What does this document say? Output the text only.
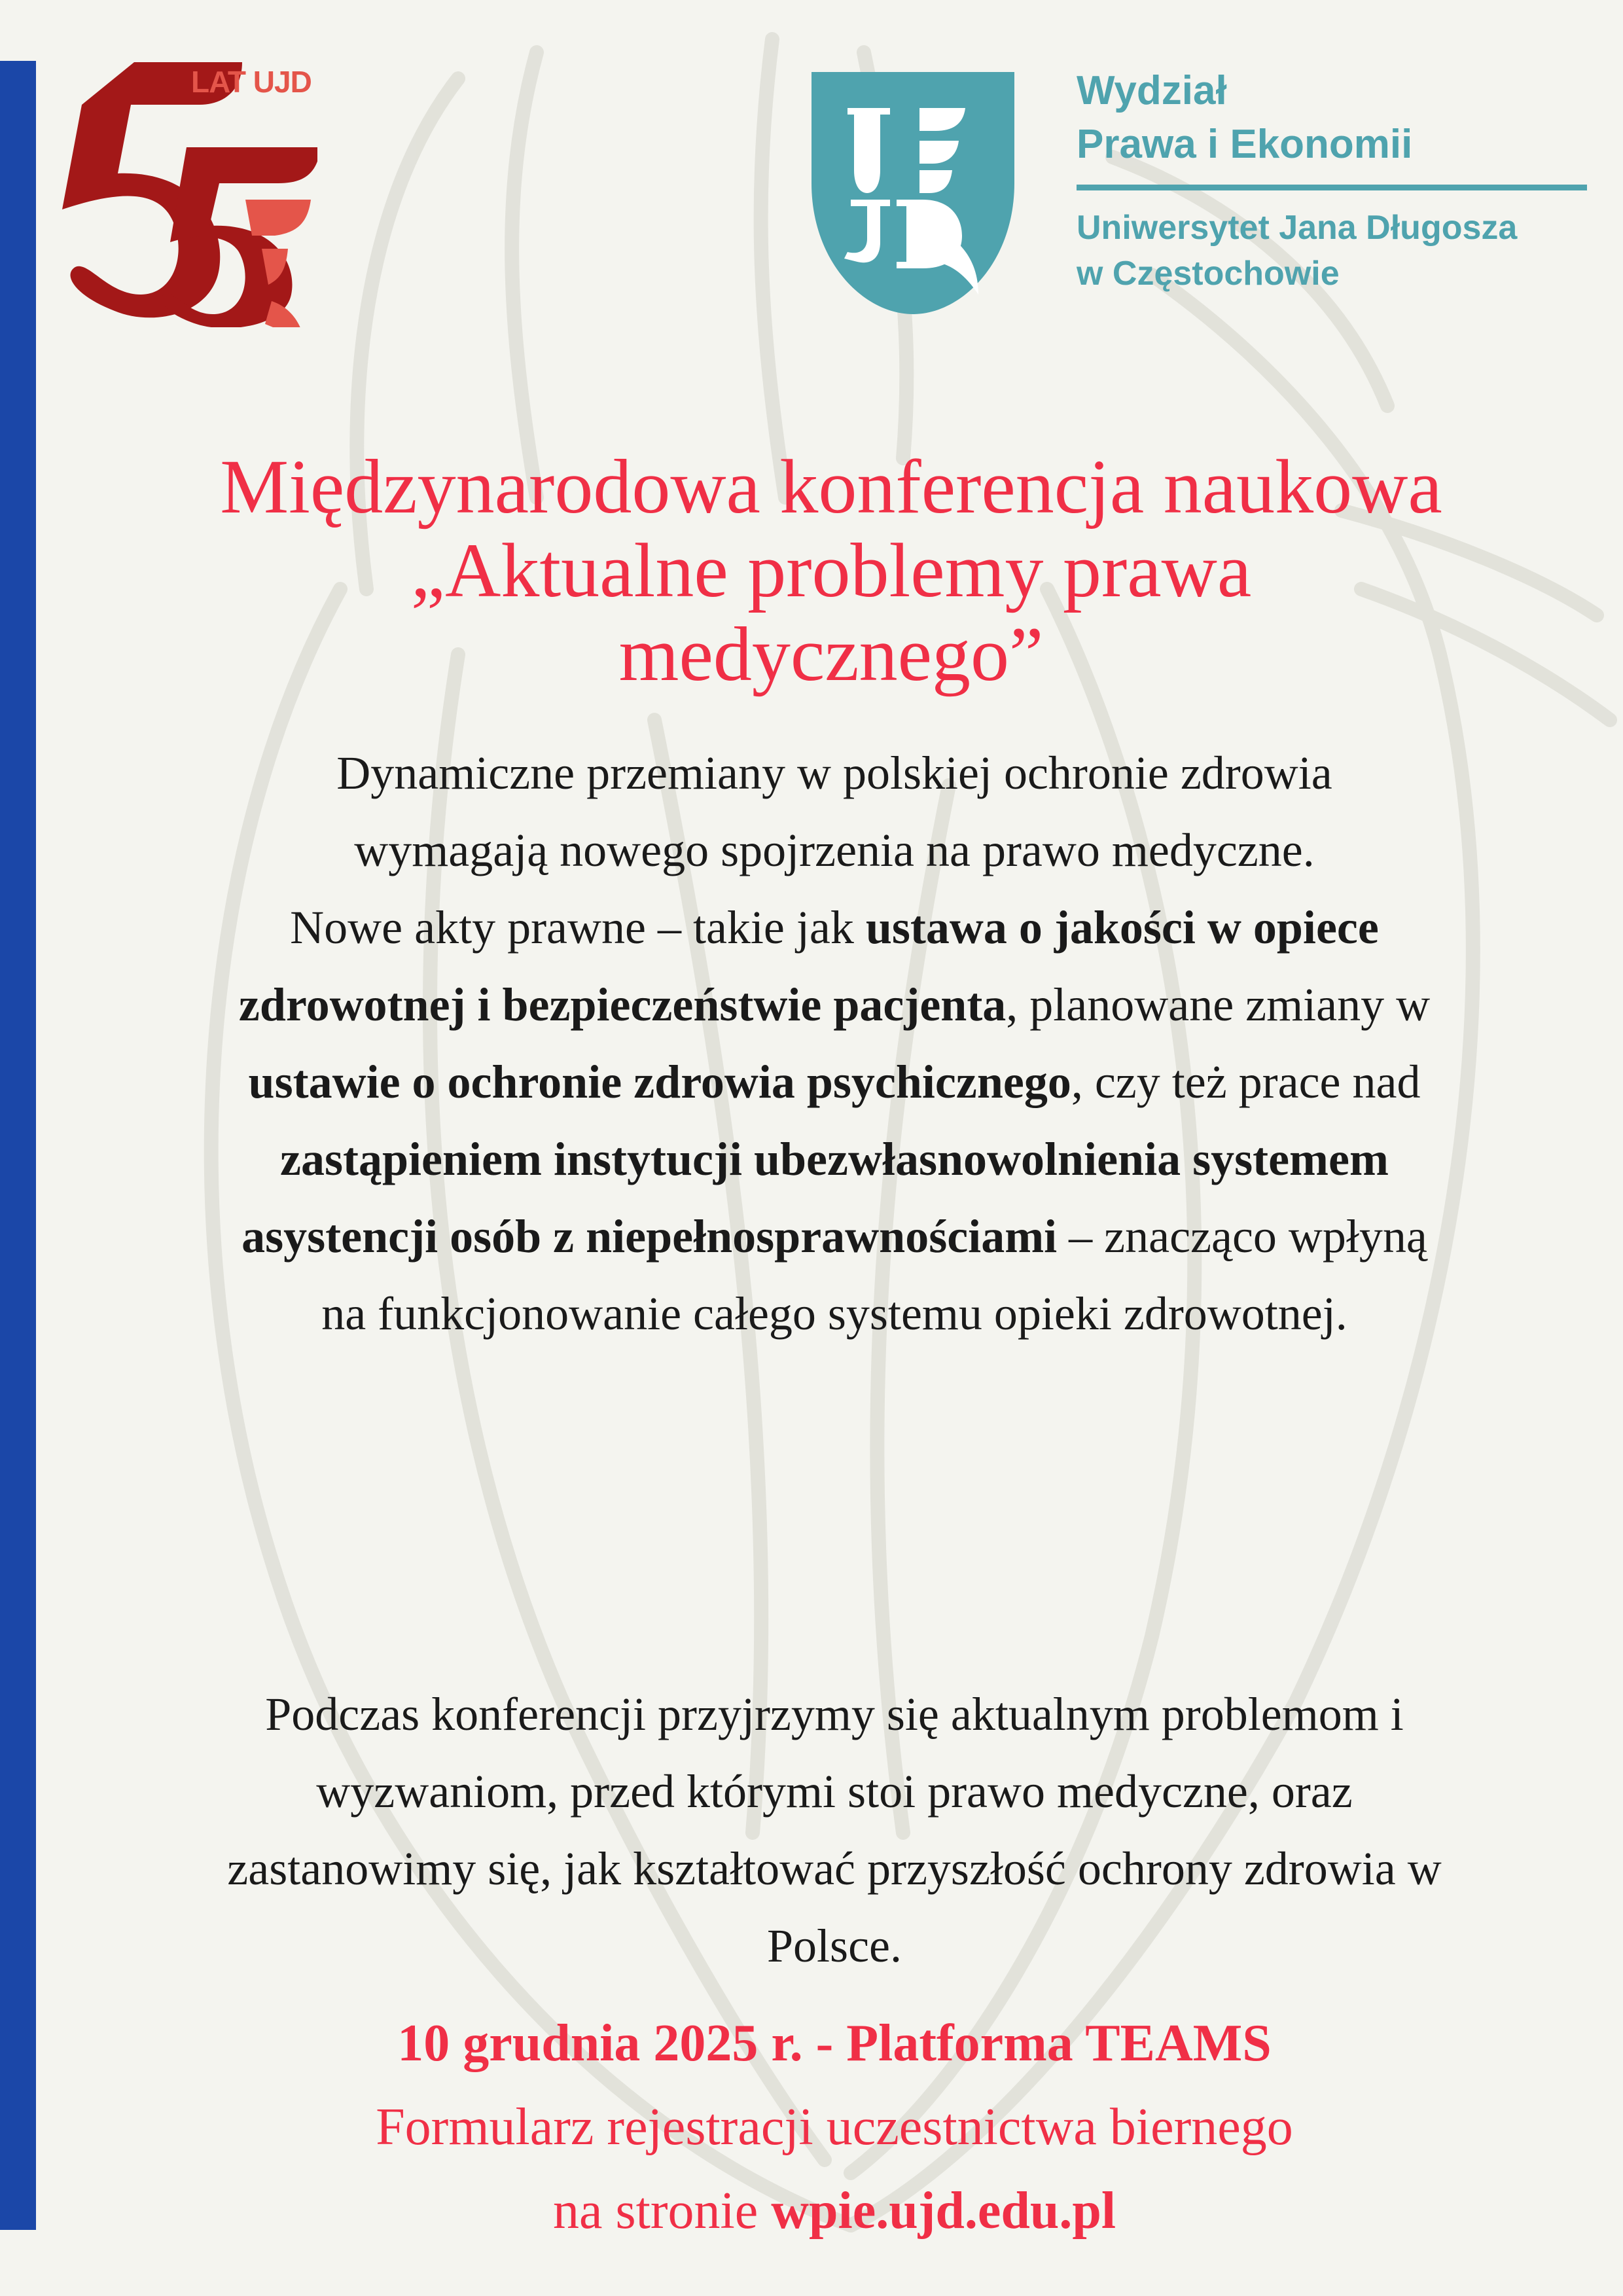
LAT UJD	Wydział
Prawa i Ekonomii
Uniwersytet Jana Długosza
w Częstochowie
Międzynarodowa konferencja naukowa
„Aktualne problemy prawa
medycznego”
Dynamiczne przemiany w polskiej ochronie zdrowia wymagają nowego spojrzenia na prawo medyczne.
Nowe akty prawne – takie jak ustawa o jakości w opiece zdrowotnej i bezpieczeństwie pacjenta, planowane zmiany w ustawie o ochronie zdrowia psychicznego, czy też prace nad zastąpieniem instytucji ubezwłasnowolnienia systemem asystencji osób z niepełnosprawnościami – znacząco wpłyną na funkcjonowanie całego systemu opieki zdrowotnej.
Podczas konferencji przyjrzymy się aktualnym problemom i wyzwaniom, przed którymi stoi prawo medyczne, oraz zastanowimy się, jak kształtować przyszłość ochrony zdrowia w Polsce.
10 grudnia 2025 r. - Platforma TEAMS
Formularz rejestracji uczestnictwa biernego
na stronie wpie.ujd.edu.pl
